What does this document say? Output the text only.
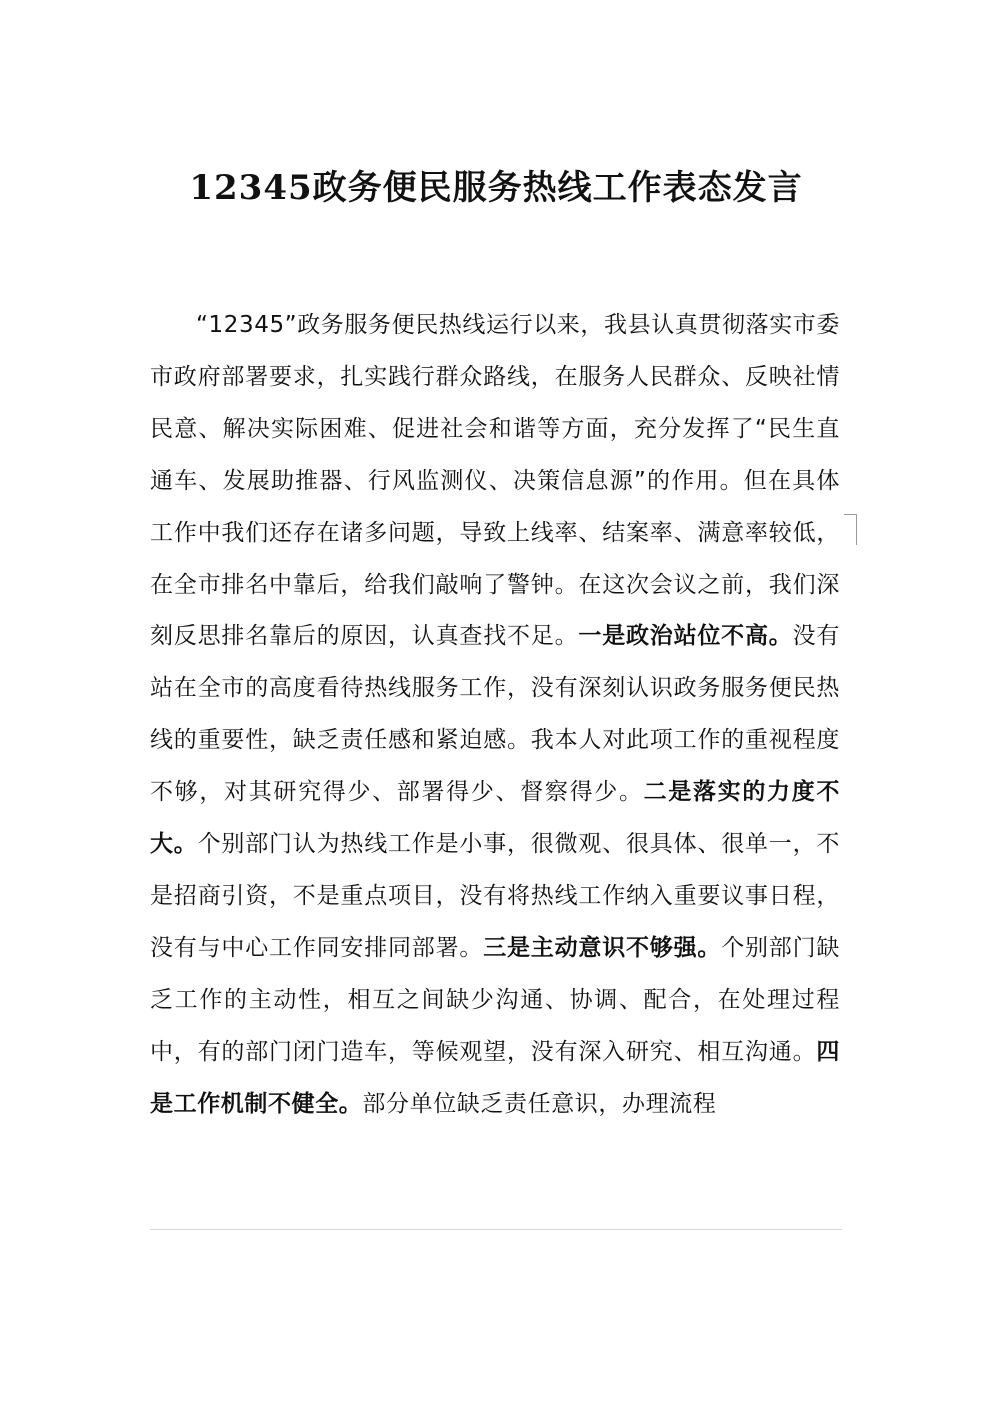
12345政务便民服务热线工作表态发言

“12345”政务服务便民热线运行以来，我县认真贯彻落实市委市政府部署要求，扎实践行群众路线，在服务人民群众、反映社情民意、解决实际困难、促进社会和谐等方面，充分发挥了“民生直通车、发展助推器、行风监测仪、决策信息源”的作用。但在具体工作中我们还存在诸多问题，导致上线率、结案率、满意率较低，在全市排名中靠后，给我们敲响了警钟。在这次会议之前，我们深刻反思排名靠后的原因，认真查找不足。一是政治站位不高。没有站在全市的高度看待热线服务工作，没有深刻认识政务服务便民热线的重要性，缺乏责任感和紧迫感。我本人对此项工作的重视程度不够，对其研究得少、部署得少、督察得少。二是落实的力度不大。个别部门认为热线工作是小事，很微观、很具体、很单一，不是招商引资，不是重点项目，没有将热线工作纳入重要议事日程，没有与中心工作同安排同部署。三是主动意识不够强。个别部门缺乏工作的主动性，相互之间缺少沟通、协调、配合，在处理过程中，有的部门闭门造车，等候观望，没有深入研究、相互沟通。四是工作机制不健全。部分单位缺乏责任意识，办理流程
